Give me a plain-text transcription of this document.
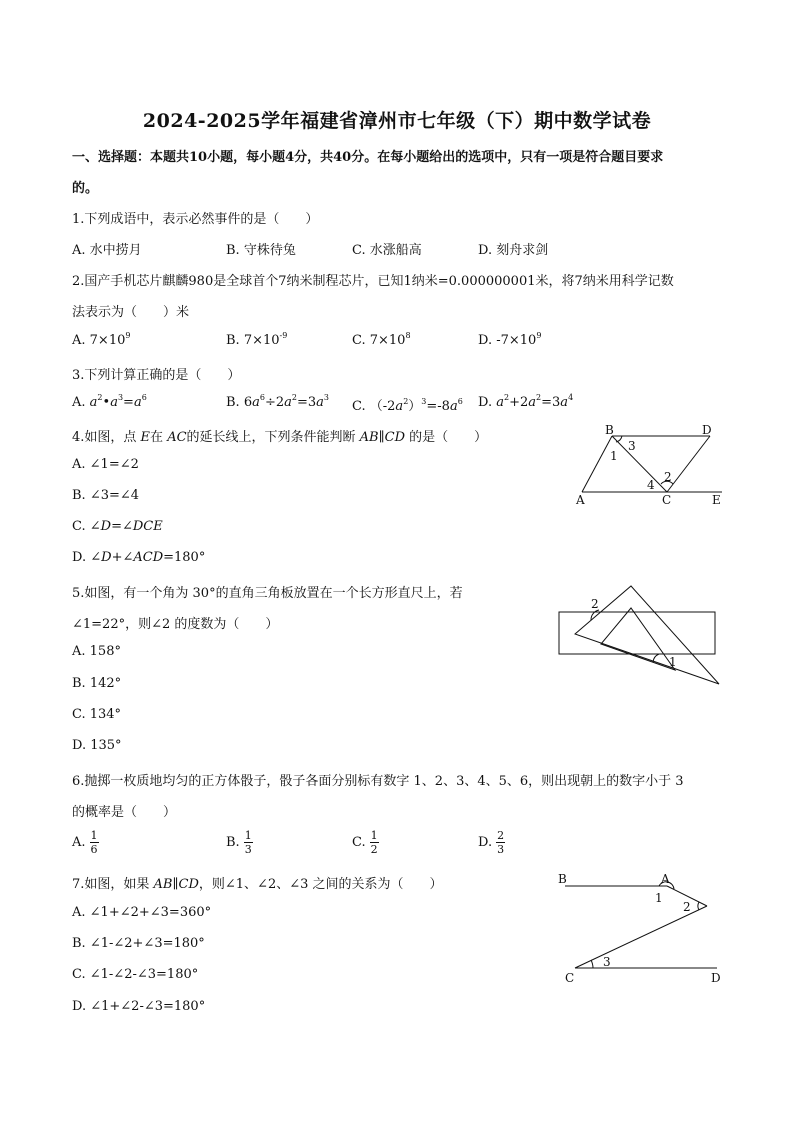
2024-2025学年福建省漳州市七年级（下）期中数学试卷
一、选择题：本题共10小题，每小题4分，共40分。在每小题给出的选项中，只有一项是符合题目要求
的。
1.下列成语中，表示必然事件的是（　　）
A. 水中捞月	B. 守株待兔	C. 水涨船高	D. 刻舟求剑
2.国产手机芯片麒麟980是全球首个7纳米制程芯片，已知1纳米=0.000000001米，将7纳米用科学记数
法表示为（　　）米
A. $7\times 10^9$	B. $7\times 10^{-9}$	C. $7\times 10^8$	D. $-7\times 10^9$
3.下列计算正确的是（　　）
A. $a^2•a^3=a^6$	B. $6a^6\div 2a^2=3a^3$
C. $(-2a^2)^3=-8a^6$ D. $a^2+2a^2=3a^4$
4.如图，点 E在 AC的延长线上，下列条件能判断 AB∥CD 的是（　　）
A. ∠1=∠2
B. ∠3=∠4
C. ∠D=∠DCE
D. ∠D+∠ACD=180°
B	D
A	C	E
1
2
3
4
5.如图，有一个角为 30°的直角三角板放置在一个长方形直尺上，若
∠1=22°，则∠2 的度数为（　　）
A. 158°
B. 142°
C. 134°
D. 135°
2
1
6.抛掷一枚质地均匀的正方体骰子，骰子各面分别标有数字 1、2、3、4、5、6，则出现朝上的数字小于 3
的概率是（　　）
A. $\frac{1}{6}$	B. $\frac{1}{3}$	C. $\frac{1}{2}$	D. $\frac{2}{3}$
7.如图，如果 AB∥CD，则∠1、∠2、∠3 之间的关系为（　　）
A. ∠1+∠2+∠3=360°
B. ∠1-∠2+∠3=180°
C. ∠1-∠2-∠3=180°
D. ∠1+∠2-∠3=180°
B	A
C	D
1
2
3
